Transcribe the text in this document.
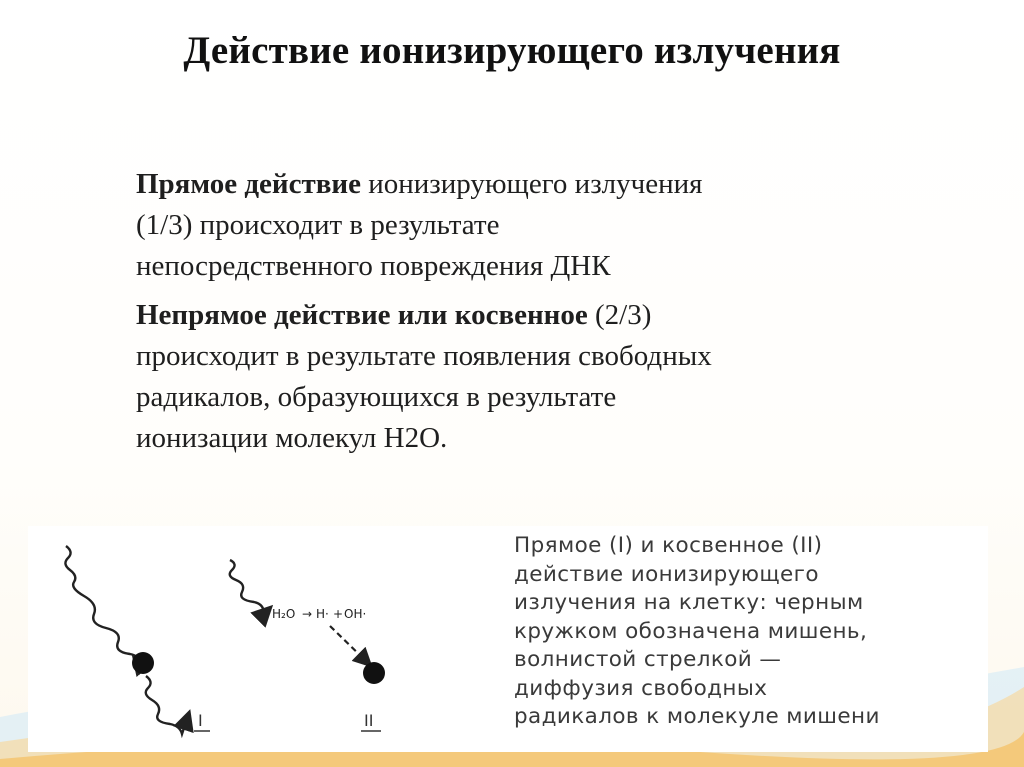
Действие ионизирующего излучения

Прямое действие ионизирующего излучения
(1/3) происходит в результате
непосредственного повреждения ДНК

Непрямое действие или косвенное (2/3)
происходит в результате появления свободных
радикалов, образующихся в результате
ионизации молекул Н2О.

I
H₂O → H· + OH·
II
Прямое (I) и косвенное (II)
действие ионизирующего
излучения на клетку: черным
кружком обозначена мишень,
волнистой стрелкой —
диффузия свободных
радикалов к молекуле мишени
